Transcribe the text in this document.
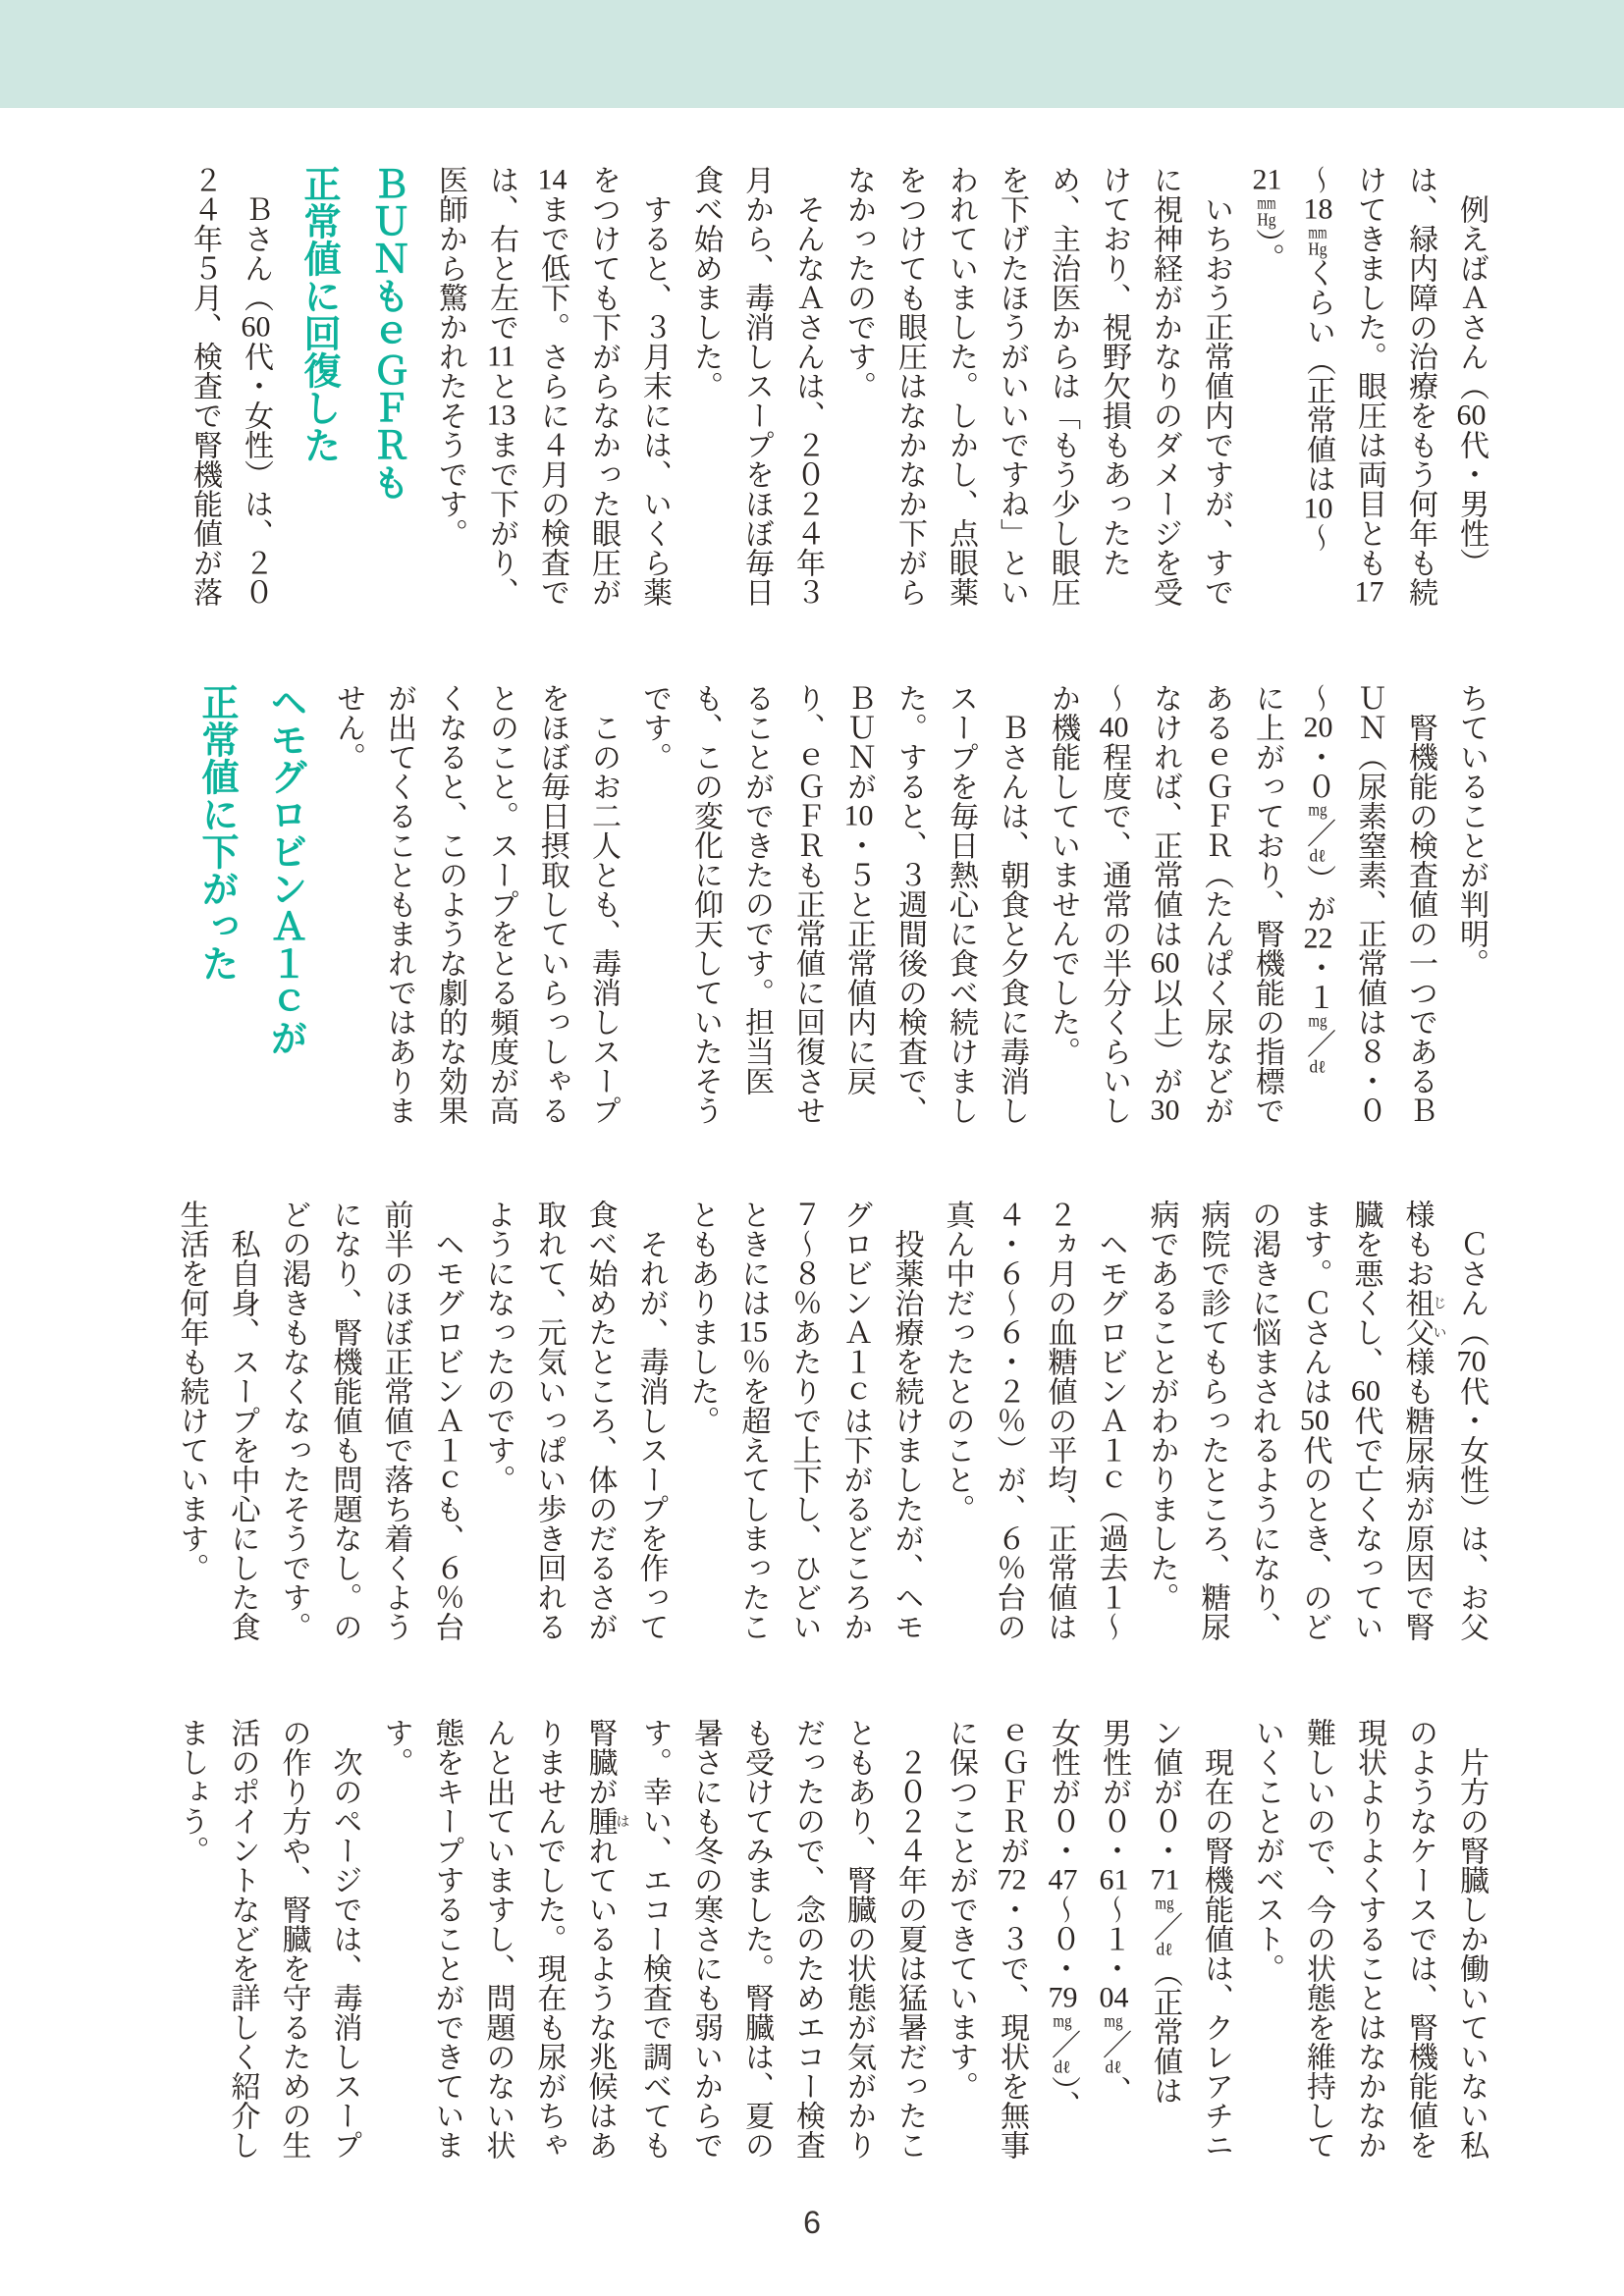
　例えばＡさん（60代・男性）

は、緑内障の治療をもう何年も続

けてきました。眼圧は両目とも17

〜18mmHgくらい（正常値は10〜

21mmHg）。

　いちおう正常値内ですが、すで

に視神経がかなりのダメージを受

けており、視野欠損もあったた

め、主治医からは「もう少し眼圧

を下げたほうがいいですね」とい

われていました。しかし、点眼薬

をつけても眼圧はなかなか下がら

なかったのです。

　そんなＡさんは、２０２４年３

月から、毒消しスープをほぼ毎日

食べ始めました。

　すると、３月末には、いくら薬

をつけても下がらなかった眼圧が

14まで低下。さらに４月の検査で

は、右と左で11と13まで下がり、

医師から驚かれたそうです。

ＢＵＮもｅＧＦＲも

正常値に回復した

　Ｂさん（60代・女性）は、２０

２４年５月、検査で腎機能値が落

ちていることが判明。

　腎機能の検査値の一つであるＢ

ＵＮ（尿素窒素、正常値は８・０

〜20・０mg／dℓ）が22・１mg／dℓ

に上がっており、腎機能の指標で

あるｅＧＦＲ（たんぱく尿などが

なければ、正常値は60以上）が30

〜40程度で、通常の半分くらいし

か機能していませんでした。

　Ｂさんは、朝食と夕食に毒消し

スープを毎日熱心に食べ続けまし

た。すると、３週間後の検査で、

ＢＵＮが10・５と正常値内に戻

り、ｅＧＦＲも正常値に回復させ

ることができたのです。担当医

も、この変化に仰天していたそう

です。

　このお二人とも、毒消しスープ

をほぼ毎日摂取していらっしゃる

とのこと。スープをとる頻度が高

くなると、このような劇的な効果

が出てくることもまれではありま

せん。

ヘモグロビンＡ１ｃが

正常値に下がった

　Ｃさん（70代・女性）は、お父

様もお祖父じい様も糖尿病が原因で腎

臓を悪くし、60代で亡くなってい

ます。Ｃさんは50代のとき、のど

の渇きに悩まされるようになり、

病院で診てもらったところ、糖尿

病であることがわかりました。

　ヘモグロビンＡ１ｃ（過去１〜

２ヵ月の血糖値の平均、正常値は

４・６〜６・２％）が、６％台の

真ん中だったとのこと。

　投薬治療を続けましたが、ヘモ

グロビンＡ１ｃは下がるどころか

７〜８％あたりで上下し、ひどい

ときには15％を超えてしまったこ

ともありました。

　それが、毒消しスープを作って

食べ始めたところ、体のだるさが

取れて、元気いっぱい歩き回れる

ようになったのです。

　ヘモグロビンＡ１ｃも、６％台

前半のほぼ正常値で落ち着くよう

になり、腎機能値も問題なし。の

どの渇きもなくなったそうです。

　私自身、スープを中心にした食

生活を何年も続けています。

　片方の腎臓しか働いていない私

のようなケースでは、腎機能値を

現状よりよくすることはなかなか

難しいので、今の状態を維持して

いくことがベスト。

　現在の腎機能値は、クレアチニ

ン値が０・71mg／dℓ（正常値は

男性が０・61〜１・04mg／dℓ、

女性が０・47〜０・79mg／dℓ）、

ｅＧＦＲが72・３で、現状を無事

に保つことができています。

　２０２４年の夏は猛暑だったこ

ともあり、腎臓の状態が気がかり

だったので、念のためエコー検査

も受けてみました。腎臓は、夏の

暑さにも冬の寒さにも弱いからで

す。幸い、エコー検査で調べても

腎臓が腫はれているような兆候はあ

りませんでした。現在も尿がちゃ

んと出ていますし、問題のない状

態をキープすることができていま

す。

　次のページでは、毒消しスープ

の作り方や、腎臓を守るための生

活のポイントなどを詳しく紹介し

ましょう。

6
